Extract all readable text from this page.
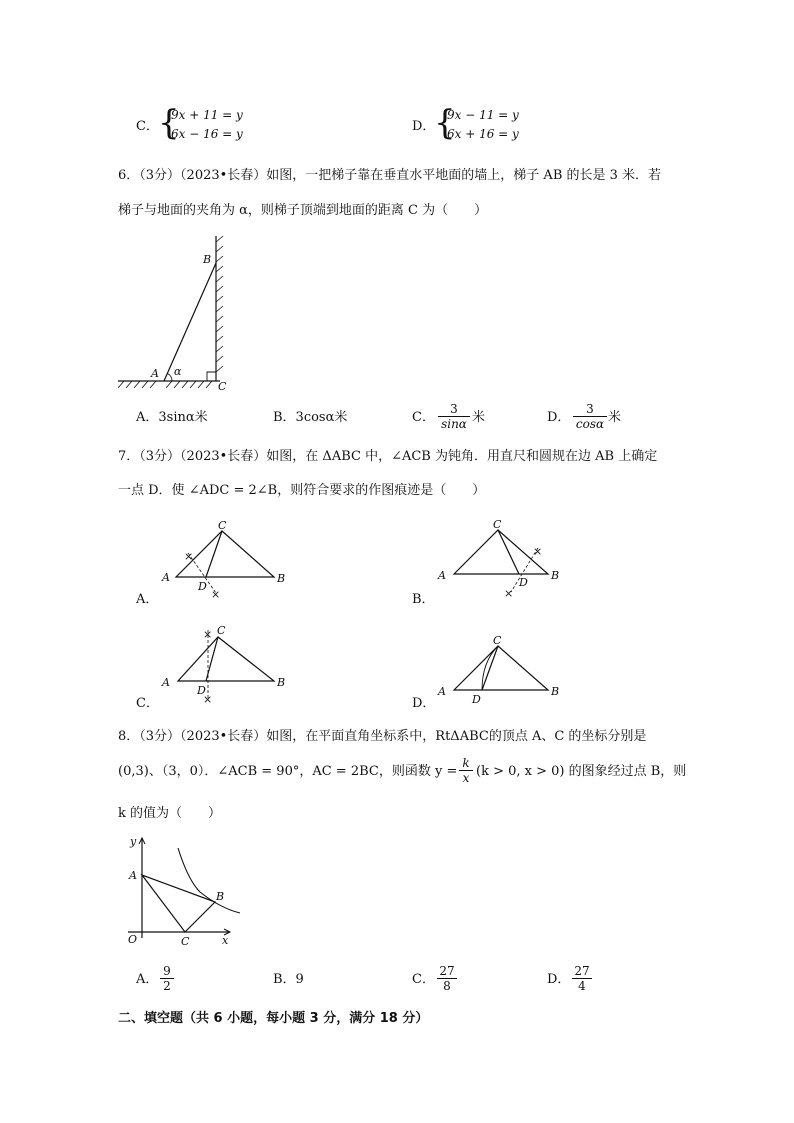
C． {
9x + 11 = y
6x − 16 = y	D．
{
9x − 11 = y
6x + 16 = y
6．（3分）（2023•长春）如图，一把梯子靠在垂直水平地面的墙上，梯子 AB 的长是 3 米．若
梯子与地面的夹角为 α，则梯子顶端到地面的距离 C 为（　　）
A
B
C
α
A．3sinα米	B．3cosα米	C． $\frac{3}{\sin\alpha}$ 米	D． $\frac{3}{\cos\alpha}$ 米
7．（3分）（2023•长春）如图，在 ΔABC 中，∠ACB 为钝角．用直尺和圆规在边 AB 上确定
一点 D．使 ∠ADC = 2∠B，则符合要求的作图痕迹是（　　）
×
×
A
C
B
D
A．
×
×
A
C
B
D
B．
×
×
A
C
B
D
C．
A
C
B
D
D．
8．（3分）（2023•长春）如图，在平面直角坐标系中，RtΔABC的顶点 A、C 的坐标分别是
(0,3)、（3，0）．∠ACB = 90°，AC = 2BC，则函数 $y = \frac{k}{x} (k > 0$, x > 0) 的图象经过点 B，则
k 的值为（　　）
y
x
O
A
B
C
A． $\frac{9}{2}$	B．9	C． $\frac{27}{8}$	D． $\frac{27}{4}$
二、填空题（共 6 小题，每小题 3 分，满分 18 分）
